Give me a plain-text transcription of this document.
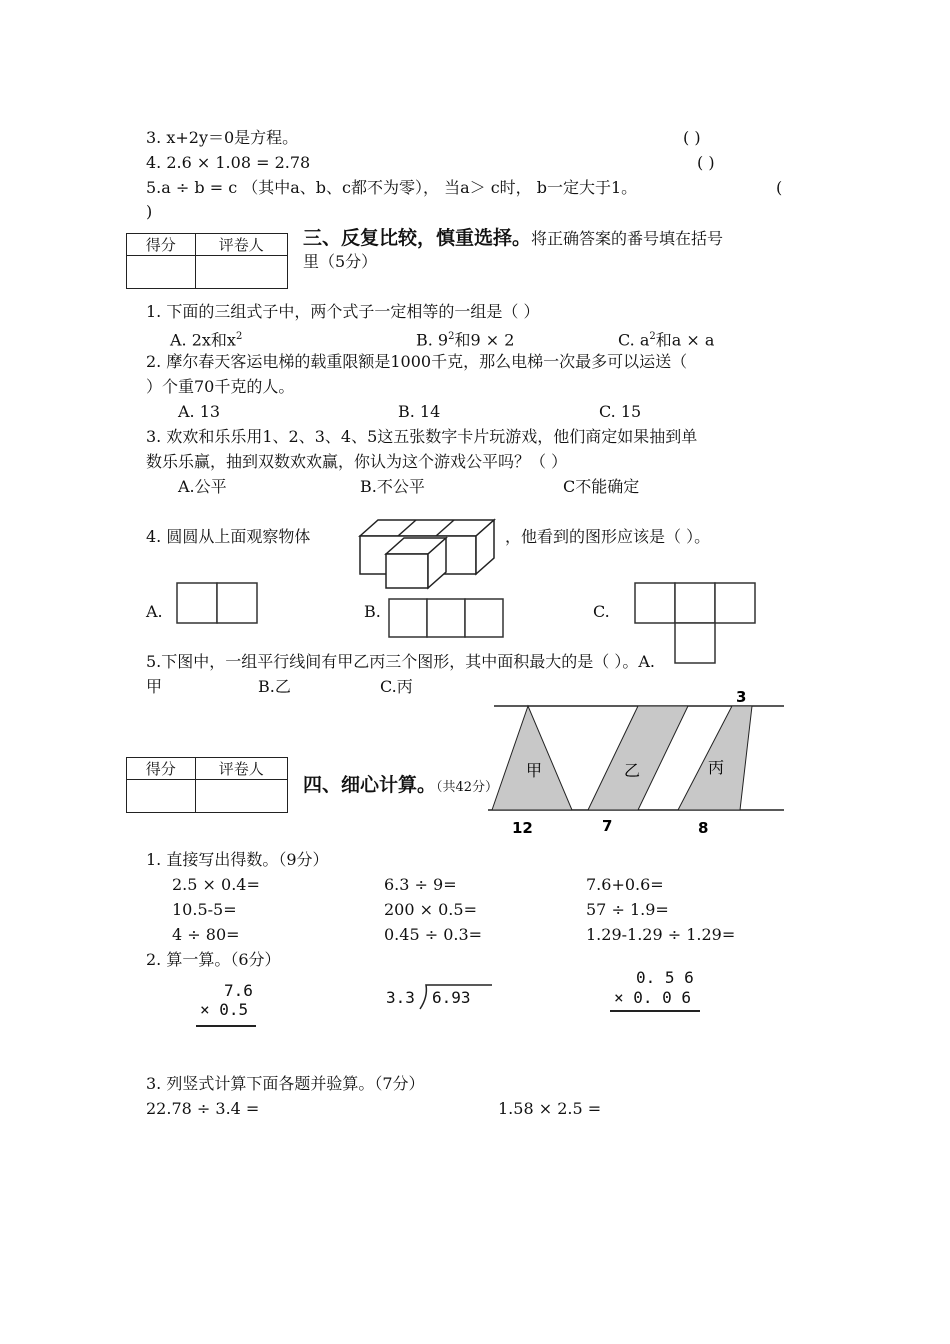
3. x+2y＝0是方程。	( )
4. 2.6 × 1.08 = 2.78	( )
5.a ÷ b = c （其中a、b、c都不为零）， 当a＞ c时， b一定大于1。	(
)
得分	评卷人
	三、反复比较，慎重选择。将正确答案的番号填在括号
里（5分）
1. 下面的三组式子中，两个式子一定相等的一组是（ ）
A. 2x和$x^2$	B. $9^2$和9 × 2	C. $a^2$和a × a
2. 摩尔春天客运电梯的载重限额是1000千克，那么电梯一次最多可以运送（
）个重70千克的人。
A. 13	B. 14	C. 15
3. 欢欢和乐乐用1、2、3、4、5这五张数字卡片玩游戏，他们商定如果抽到单
数乐乐赢，抽到双数欢欢赢，你认为这个游戏公平吗？（ ）
A.公平	B.不公平	C不能确定
4. 圆圆从上面观察物体	，他看到的图形应该是（ ）。
A.	B.	C.
5.下图中，一组平行线间有甲乙丙三个图形，其中面积最大的是（ ）。A.
甲	B.乙	C.丙
甲	乙	丙
3
12	7	8
得分	评卷人

四、细心计算。（共42分）
1. 直接写出得数。（9分）
2.5 × 0.4=	6.3 ÷ 9=	7.6+0.6=
10.5-5=	200 × 0.5=	57 ÷ 1.9=
4 ÷ 80=	0.45 ÷ 0.3=	1.29-1.29 ÷ 1.29=
2. 算一算。（6分）
7.6
× 0.5
3.3 6.93
0. 5 6
× 0. 0 6
3. 列竖式计算下面各题并验算。（7分）
22.78 ÷ 3.4 =	1.58 × 2.5 =
